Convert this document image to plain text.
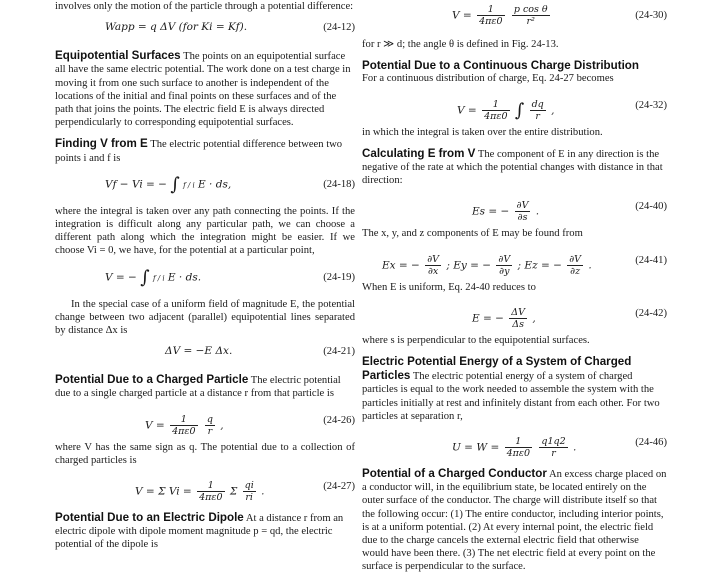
involves only the motion of the particle through a potential difference:

Wapp = q ΔV (for Ki = Kf).	(24-12)

Equipotential Surfaces The points on an equipotential surface all have the same electric potential. The work done on a test charge in moving it from one such surface to another is independent of the locations of the initial and final points on these surfaces and of the path that joins the points. The electric field E is always directed perpendicularly to corresponding equipotential surfaces.

Finding V from E The electric potential difference between two points i and f is

Vf − Vi = − ∫ f / i E · ds,	(24-18)

where the integral is taken over any path connecting the points. If the integration is difficult along any particular path, we can choose a different path along which the integration might be easier. If we choose Vi = 0, we have, for the potential at a particular point,

V = − ∫ f / i E · ds.	(24-19)

In the special case of a uniform field of magnitude E, the potential change between two adjacent (parallel) equipotential lines separated by distance Δx is

ΔV = −E Δx.	(24-21)

Potential Due to a Charged Particle The electric potential due to a single charged particle at a distance r from that particle is

$V = \frac{1}{4\pi\varepsilon 0}$
$\frac{q}{r}$ ,	(24-26)

where V has the same sign as q. The potential due to a collection of charged particles is

V = Σ $Vi = \frac{1}{4\pi\varepsilon 0}$ Σ $\frac{qi}{ri}$ .	(24-27)

Potential Due to an Electric Dipole At a distance r from an electric dipole with dipole moment magnitude p = qd, the electric potential of the dipole is

$V = \frac{1}{4\pi\varepsilon 0}$
$\frac{\text{p cos θ}}{\text{r²}}$	(24-30)

for r ≫ d; the angle θ is defined in Fig. 24-13.

Potential Due to a Continuous Charge Distribution

For a continuous distribution of charge, Eq. 24-27 becomes

$V = \frac{1}{4\pi\varepsilon 0}$ ∫ $\frac{dq}{r}$ ,	(24-32)

in which the integral is taken over the entire distribution.

Calculating E from V The component of E in any direction is the negative of the rate at which the potential changes with distance in that direction:

Es = − $\frac{\partial V}{\partial s}$ .	(24-40)

The x, y, and z components of E may be found from

Ex = − $\frac{\partial V}{\partial x}$ ; Ey = − $\frac{\partial V}{\partial y}$ ; Ez = − $\frac{\partial V}{\partial z}$ .	(24-41)

When E is uniform, Eq. 24-40 reduces to

E = − $\frac{\Delta V}{\Delta s}$ ,	(24-42)

where s is perpendicular to the equipotential surfaces.

Electric Potential Energy of a System of Charged Particles The electric potential energy of a system of charged particles is equal to the work needed to assemble the system with the particles initially at rest and infinitely distant from each other. For two particles at separation r,

$U = W = \frac{1}{4\pi\varepsilon 0}$
$\frac{q1q2}{r}$ .	(24-46)

Potential of a Charged Conductor An excess charge placed on a conductor will, in the equilibrium state, be located entirely on the outer surface of the conductor. The charge will distribute itself so that the following occur: (1) The entire conductor, including interior points, is at a uniform potential. (2) At every internal point, the electric field due to the charge cancels the external electric field that otherwise would have been there. (3) The net electric field at every point on the surface is perpendicular to the surface.
